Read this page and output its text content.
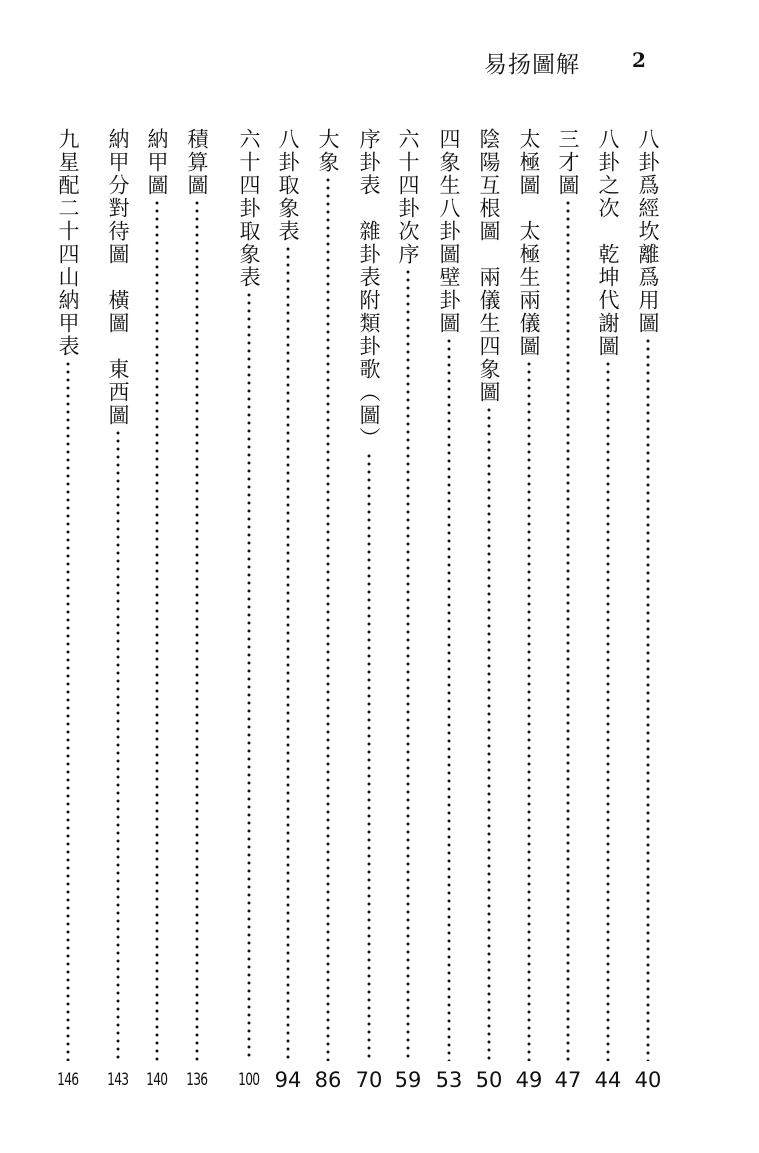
易扬圖解	2
八卦爲經坎離爲用圖
40
八卦之次　乾坤代謝圖
44
三才圖
47
太極圖　太極生兩儀圖
49
陰陽互根圖　兩儀生四象圖
50
四象生八卦圖壁卦圖
53
六十四卦次序
59
序卦表　雜卦表附類卦歌︵圖︶
70
大象
86
八卦取象表
94
六十四卦取象表
100
積算圖
136
納甲圖
140
納甲分對待圖　橫圖　東西圖
143
九星配二十四山納甲表
146
